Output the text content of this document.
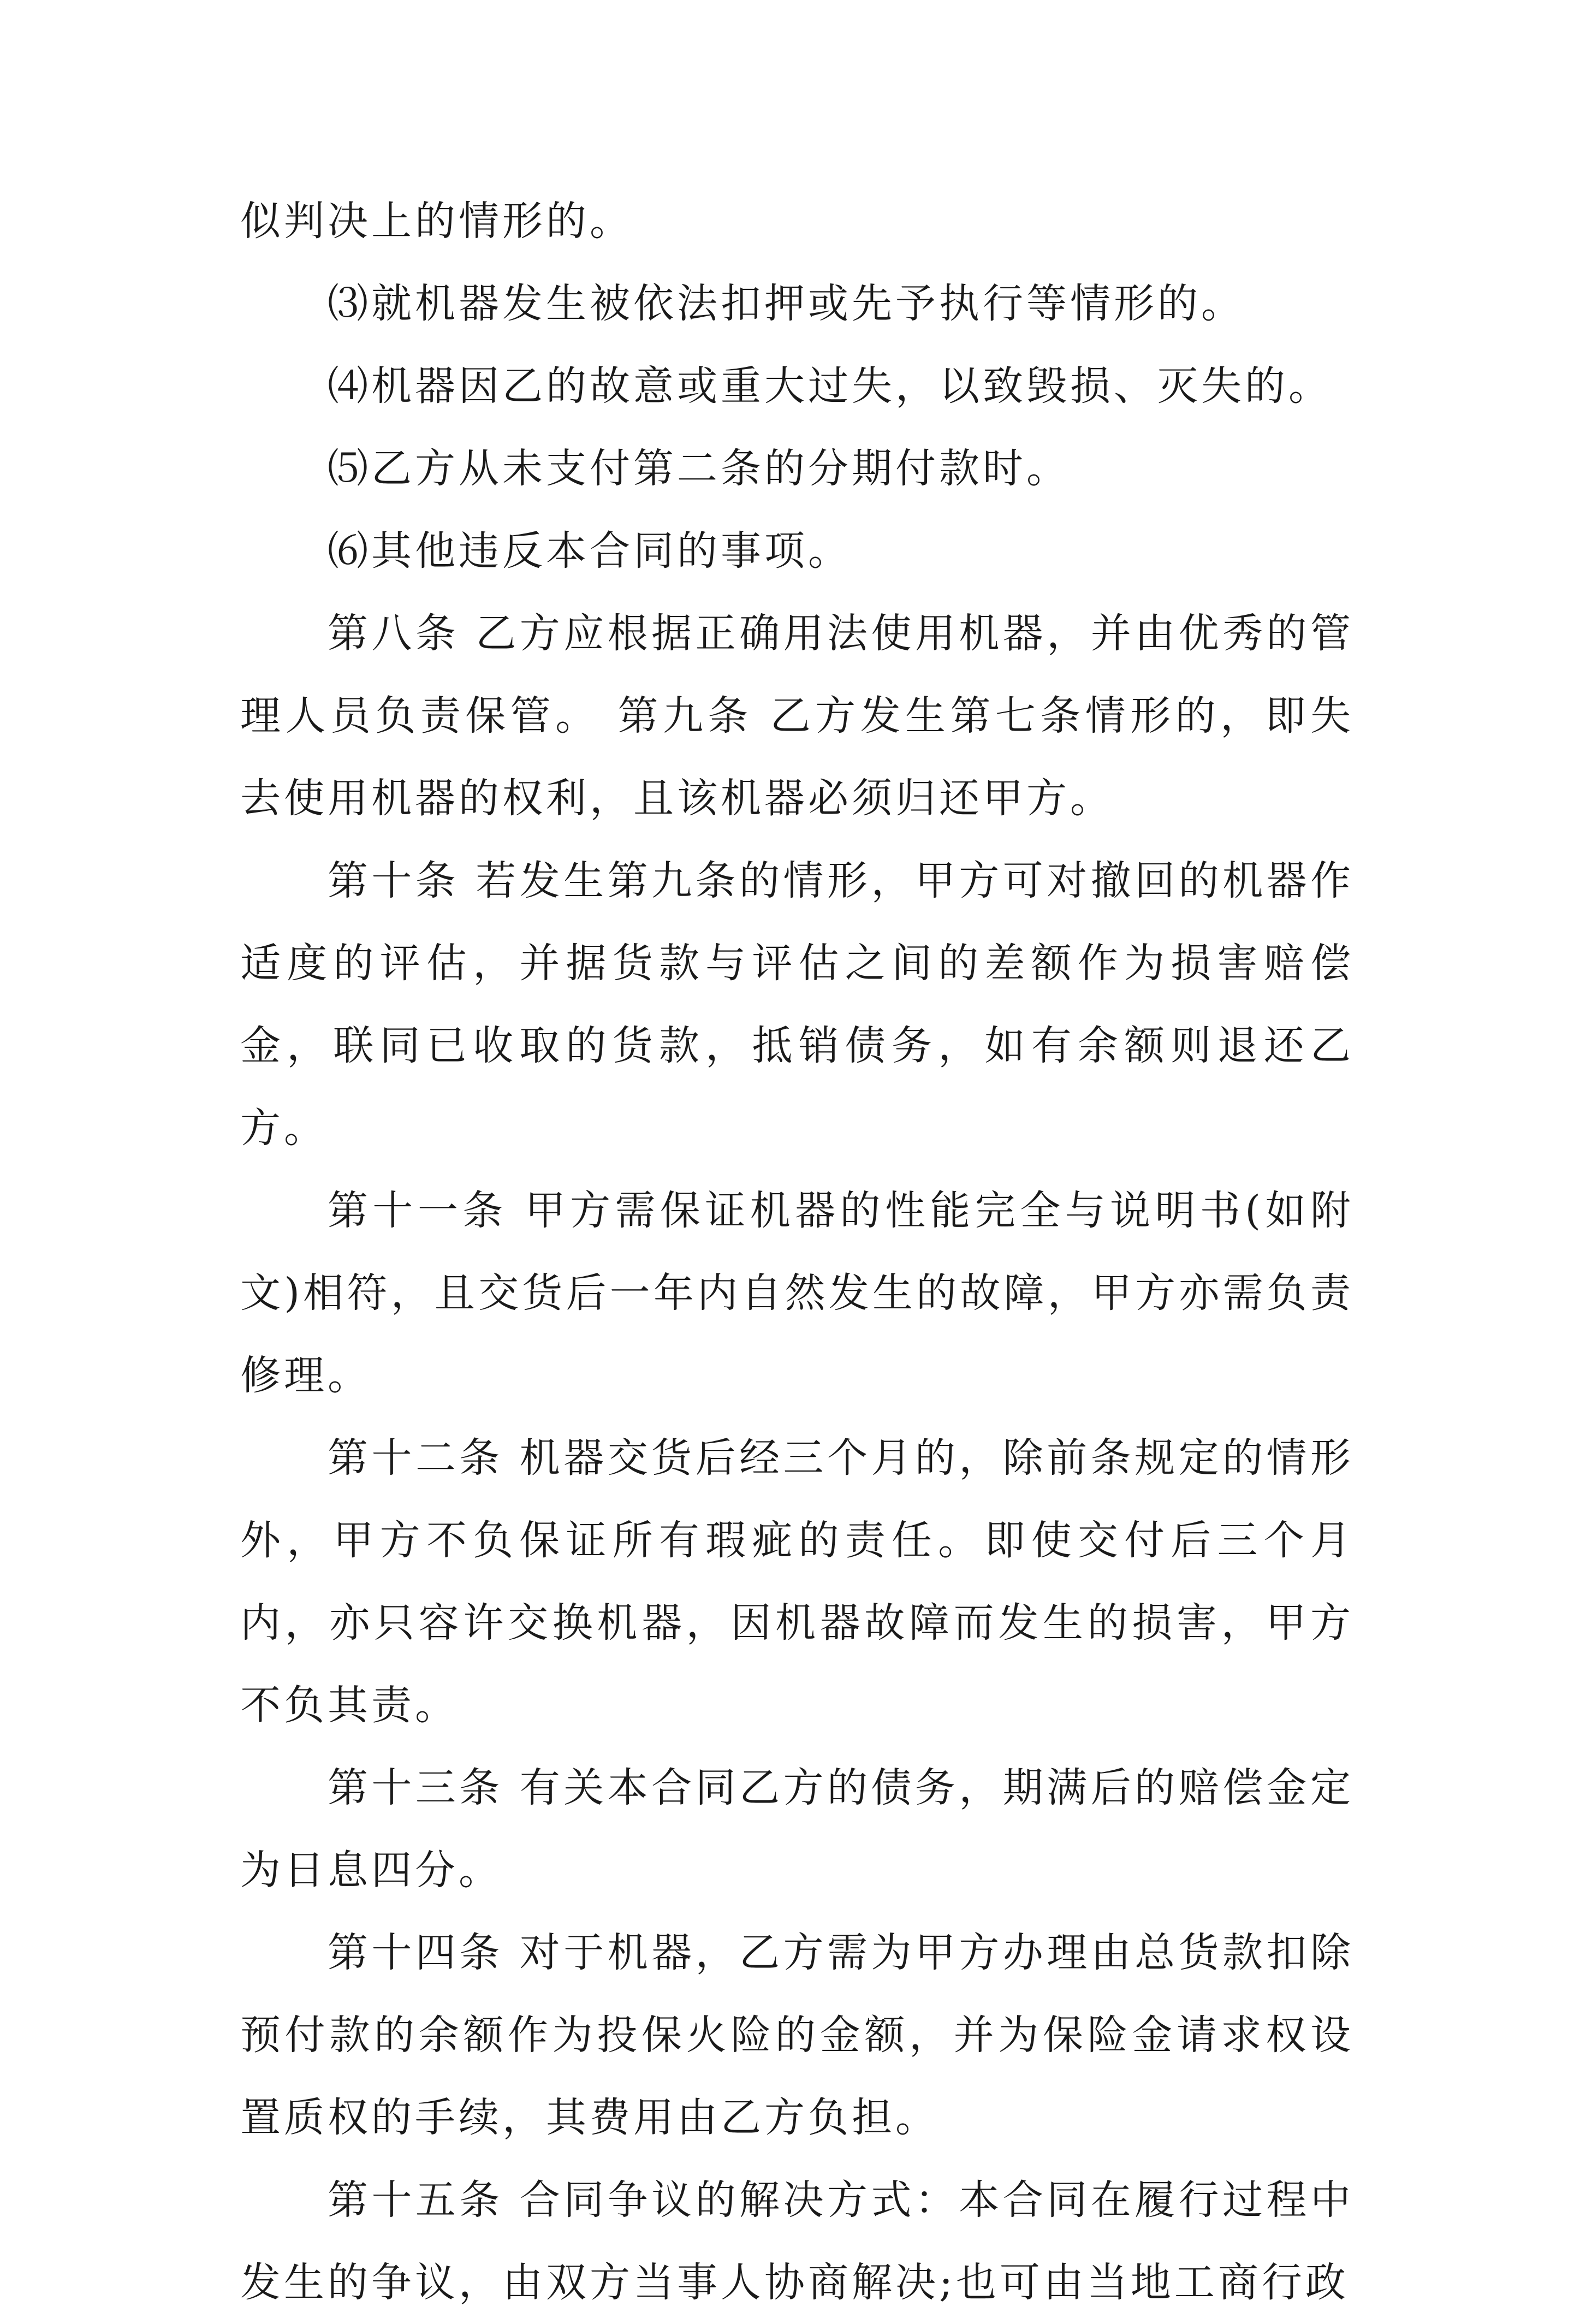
似判决上的情形的。

⑶就机器发生被依法扣押或先予执行等情形的。

⑷机器因乙的故意或重大过失，以致毁损、灭失的。

⑸乙方从未支付第二条的分期付款时。

⑹其他违反本合同的事项。

第八条 乙方应根据正确用法使用机器，并由优秀的管理人员负责保管。 第九条 乙方发生第七条情形的，即失去使用机器的权利，且该机器必须归还甲方。

第十条 若发生第九条的情形，甲方可对撤回的机器作适度的评估，并据货款与评估之间的差额作为损害赔偿金，联同已收取的货款，抵销债务，如有余额则退还乙方。

第十一条 甲方需保证机器的性能完全与说明书(如附文)相符，且交货后一年内自然发生的故障，甲方亦需负责修理。

第十二条 机器交货后经三个月的，除前条规定的情形外，甲方不负保证所有瑕疵的责任。即使交付后三个月内，亦只容许交换机器，因机器故障而发生的损害，甲方不负其责。

第十三条 有关本合同乙方的债务，期满后的赔偿金定为日息四分。

第十四条 对于机器，乙方需为甲方办理由总货款扣除预付款的余额作为投保火险的金额，并为保险金请求权设置质权的手续，其费用由乙方负担。

第十五条 合同争议的解决方式：本合同在履行过程中发生的争议，由双方当事人协商解决;也可由当地工商行政
